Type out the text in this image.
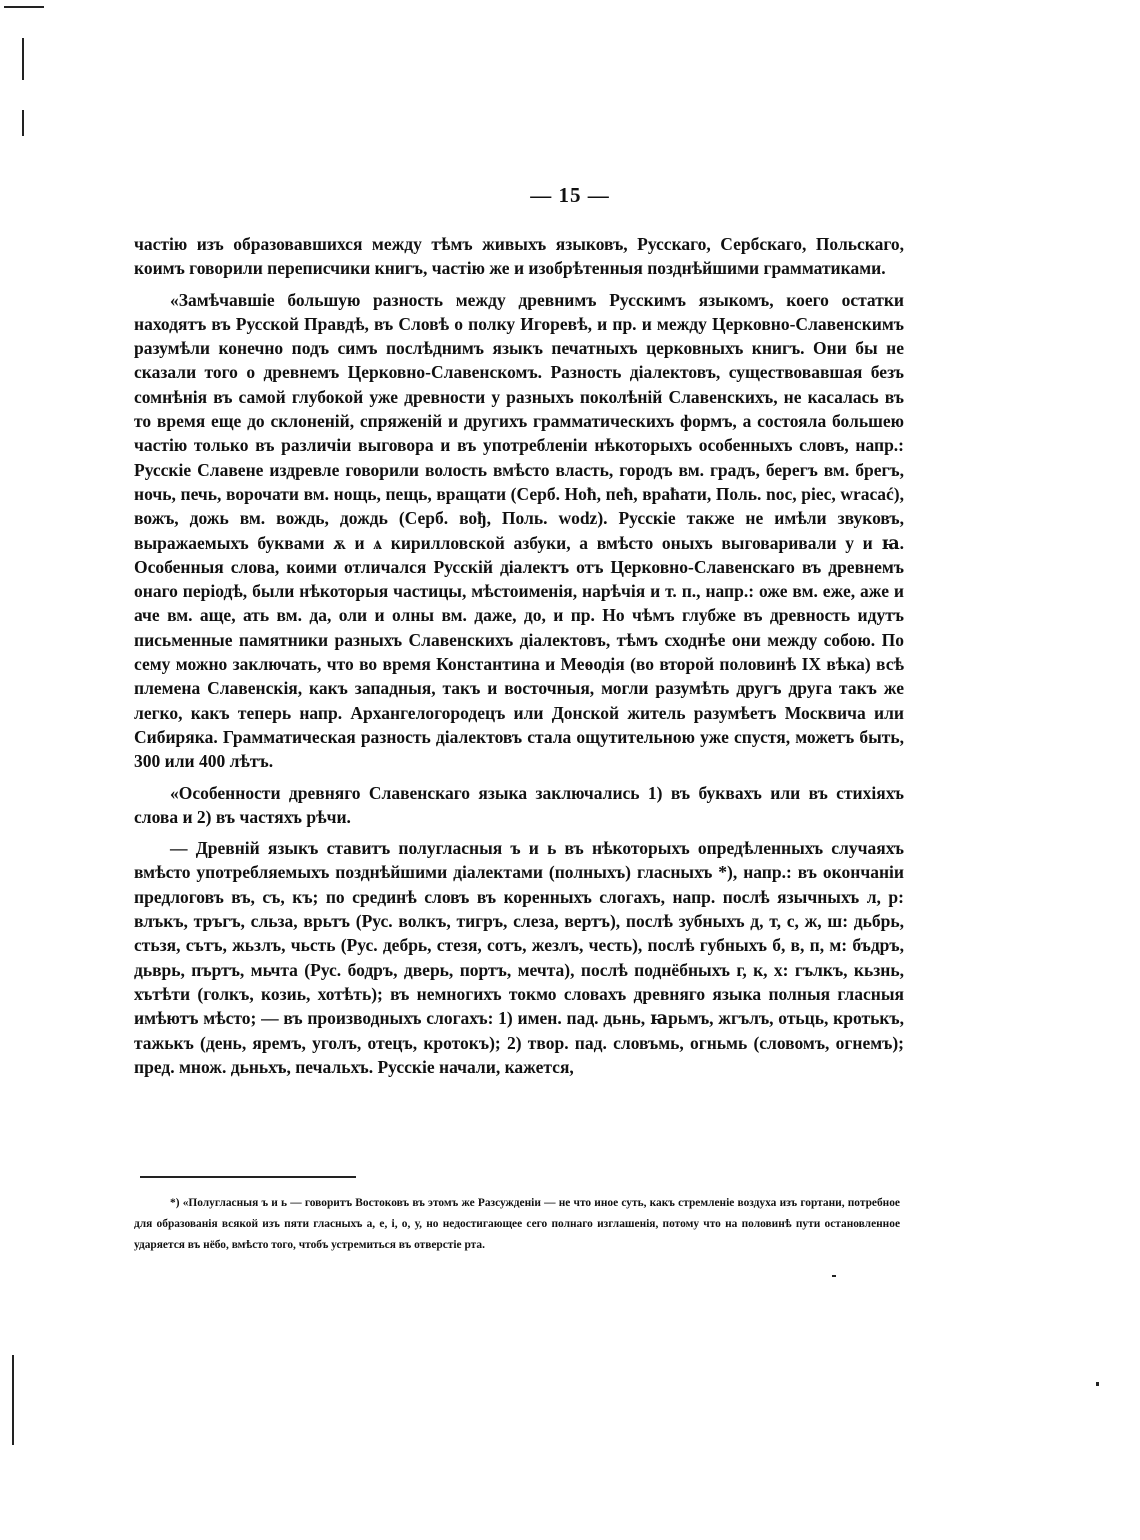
— 15 —

частію изъ образовавшихся между тѣмъ живыхъ языковъ, Русскаго, Сербскаго, Польскаго, коимъ говорили переписчики книгъ, частію же и изобрѣтенныя позднѣйшими грамматиками.

«Замѣчавшіе большую разность между древнимъ Русскимъ языкомъ, коего остатки находятъ въ Русской Правдѣ, въ Словѣ о полку Игоревѣ, и пр. и между Церковно-Славенскимъ разумѣли конечно подъ симъ послѣднимъ языкъ печатныхъ церковныхъ книгъ. Они бы не сказали того о древнемъ Церковно-Славенскомъ. Разность діалектовъ, существовавшая безъ сомнѣнія въ самой глубокой уже древности у разныхъ поколѣній Славенскихъ, не касалась въ то время еще до склоненій, спряженій и другихъ грамматическихъ формъ, а состояла большею частію только въ различіи выговора и въ употребленіи нѣкоторыхъ особенныхъ словъ, напр.: Русскіе Славене издревле говорили волость вмѣсто власть, городъ вм. градъ, берегъ вм. брегъ, ночь, печь, ворочати вм. нощь, пещь, вращати (Серб. Ноћ, пећ, враћати, Поль. noc, piec, wracać), вожъ, дожь вм. вождь, дождь (Серб. вођ, Поль. wodz). Русскіе также не имѣли звуковъ, выражаемыхъ буквами ѫ и ѧ кирилловской азбуки, а вмѣсто оныхъ выговаривали у и ꙗ. Особенныя слова, коими отличался Русскій діалектъ отъ Церковно-Славенскаго въ древнемъ онаго періодѣ, были нѣкоторыя частицы, мѣстоименія, нарѣчія и т. п., напр.: оже вм. еже, аже и аче вм. аще, ать вм. да, оли и олны вм. даже, до, и пр. Но чѣмъ глубже въ древность идутъ письменные памятники разныхъ Славенскихъ діалектовъ, тѣмъ сходнѣе они между собою. По сему можно заключать, что во время Константина и Меѳодія (во второй половинѣ IX вѣка) всѣ племена Славенскія, какъ западныя, такъ и восточныя, могли разумѣть другъ друга такъ же легко, какъ теперь напр. Архангелогородецъ или Донской житель разумѣетъ Москвича или Сибиряка. Грамматическая разность діалектовъ стала ощутительною уже спустя, можетъ быть, 300 или 400 лѣтъ.

«Особенности древняго Славенскаго языка заключались 1) въ буквахъ или въ стихіяхъ слова и 2) въ частяхъ рѣчи.

— Древній языкъ ставитъ полугласныя ъ и ь въ нѣкоторыхъ опредѣленныхъ случаяхъ вмѣсто употребляемыхъ позднѣйшими діалектами (полныхъ) гласныхъ *), напр.: въ окончаніи предлоговъ въ, съ, къ; по срединѣ словъ въ коренныхъ слогахъ, напр. послѣ язычныхъ л, р: влъкъ, тръгъ, сльза, врьтъ (Рус. волкъ, тигръ, слеза, вертъ), послѣ зубныхъ д, т, с, ж, ш: дьбрь, стьзя, сътъ, жьзлъ, чьсть (Рус. дебрь, стезя, сотъ, жезлъ, честь), послѣ губныхъ б, в, п, м: бъдръ, дьврь, пъртъ, мьчта (Рус. бодръ, дверь, портъ, мечта), послѣ поднёбныхъ г, к, х: гълкъ, кьзнь, хътѣти (голкъ, козиь, хотѣть); въ немногихъ токмо словахъ древняго языка полныя гласныя имѣютъ мѣсто; — въ производныхъ слогахъ: 1) имен. пад. дьнь, ꙗрьмъ, жгълъ, отьць, кротькъ, тажькъ (день, яремъ, уголъ, отецъ, кротокъ); 2) твор. пад. словъмь, огньмь (словомъ, огнемъ); пред. множ. дьньхъ, печальхъ. Русскіе начали, кажется,

*) «Полугласныя ъ и ь — говоритъ Востоковъ въ этомъ же Разсужденіи — не что иное суть, какъ стремленіе воздуха изъ гортани, потребное для образованія всякой изъ пяти гласныхъ а, е, і, о, у, но недостигающее сего полнаго изглашенія, потому что на половинѣ пути остановленное ударяется въ нёбо, вмѣсто того, чтобъ устремиться въ отверстіе рта.
